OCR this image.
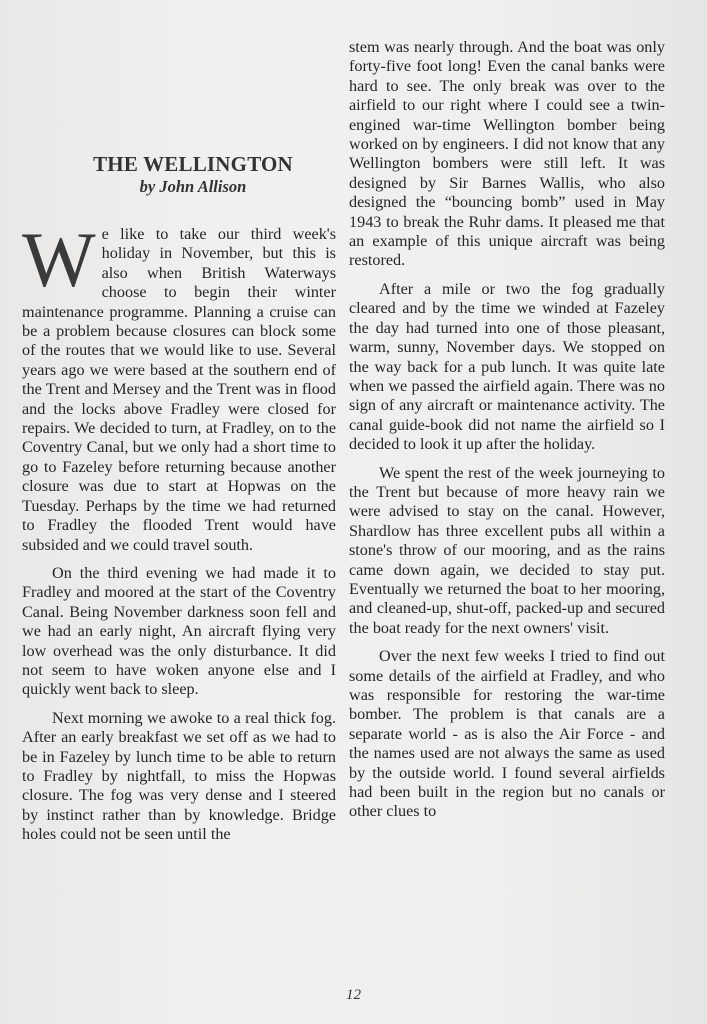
THE WELLINGTON
by John Allison

We like to take our third week's holiday in November, but this is also when British Waterways choose to begin their winter maintenance programme. Planning a cruise can be a problem because closures can block some of the routes that we would like to use. Several years ago we were based at the southern end of the Trent and Mersey and the Trent was in flood and the locks above Fradley were closed for repairs. We decided to turn, at Fradley, on to the Coventry Canal, but we only had a short time to go to Fazeley before returning because another closure was due to start at Hopwas on the Tuesday. Perhaps by the time we had returned to Fradley the flooded Trent would have subsided and we could travel south.

On the third evening we had made it to Fradley and moored at the start of the Coventry Canal. Being November darkness soon fell and we had an early night, An aircraft flying very low overhead was the only disturbance. It did not seem to have woken anyone else and I quickly went back to sleep.

Next morning we awoke to a real thick fog. After an early breakfast we set off as we had to be in Fazeley by lunch time to be able to return to Fradley by nightfall, to miss the Hopwas closure. The fog was very dense and I steered by instinct rather than by knowledge. Bridge holes could not be seen until the

stem was nearly through. And the boat was only forty-five foot long! Even the canal banks were hard to see. The only break was over to the airfield to our right where I could see a twin-engined war-time Wellington bomber being worked on by engineers. I did not know that any Wellington bombers were still left. It was designed by Sir Barnes Wallis, who also designed the “bouncing bomb” used in May 1943 to break the Ruhr dams. It pleased me that an example of this unique aircraft was being restored.

After a mile or two the fog gradually cleared and by the time we winded at Fazeley the day had turned into one of those pleasant, warm, sunny, November days. We stopped on the way back for a pub lunch. It was quite late when we passed the airfield again. There was no sign of any aircraft or maintenance activity. The canal guide-book did not name the airfield so I decided to look it up after the holiday.

We spent the rest of the week journeying to the Trent but because of more heavy rain we were advised to stay on the canal. However, Shardlow has three excellent pubs all within a stone's throw of our mooring, and as the rains came down again, we decided to stay put. Eventually we returned the boat to her mooring, and cleaned-up, shut-off, packed-up and secured the boat ready for the next owners' visit.

Over the next few weeks I tried to find out some details of the airfield at Fradley, and who was responsible for restoring the war-time bomber. The problem is that canals are a separate world - as is also the Air Force - and the names used are not always the same as used by the outside world. I found several airfields had been built in the region but no canals or other clues to

12
